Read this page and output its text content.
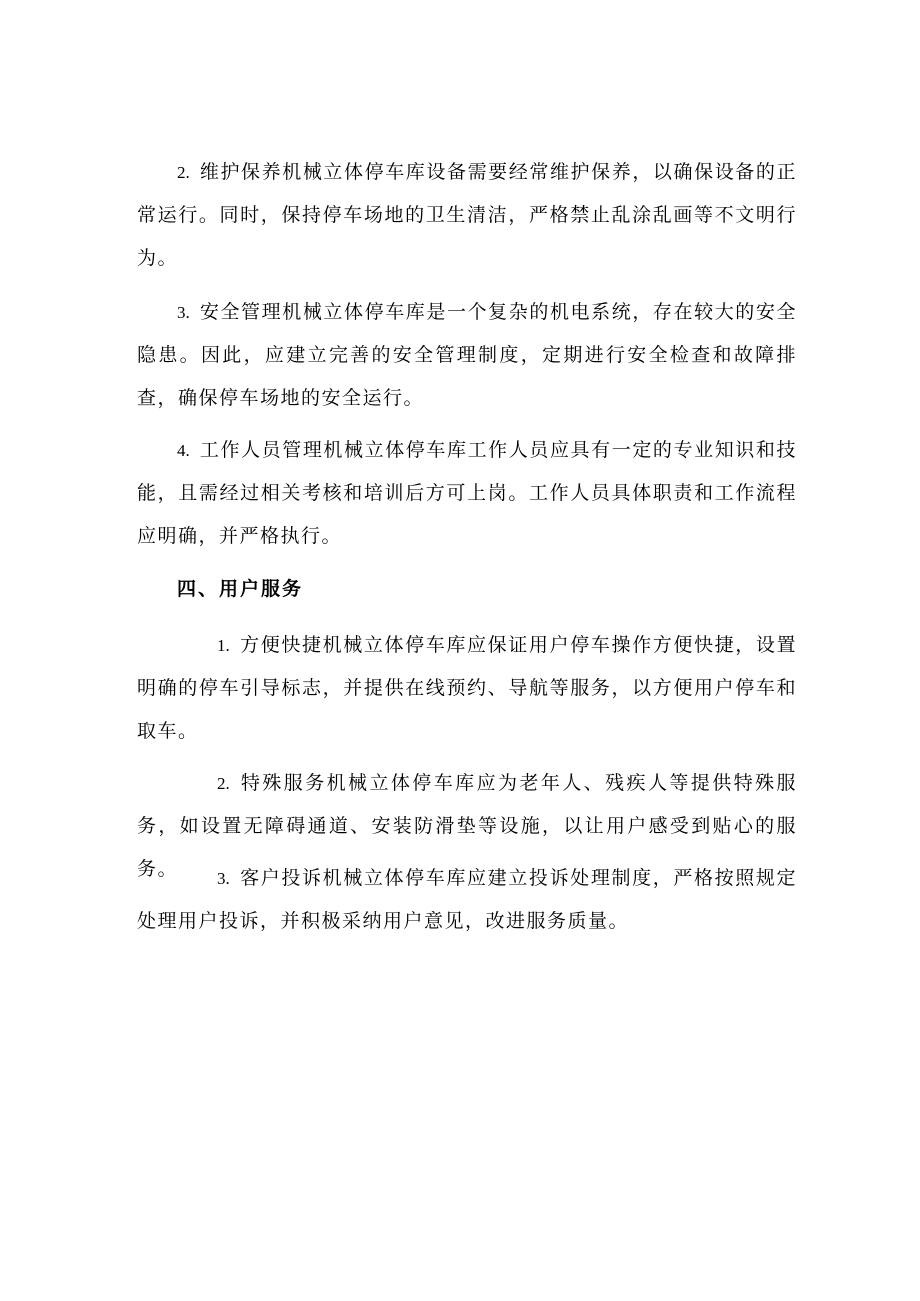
2. 维护保养机械立体停车库设备需要经常维护保养，以确保设备的正常运行。同时，保持停车场地的卫生清洁，严格禁止乱涂乱画等不文明行为。

3. 安全管理机械立体停车库是一个复杂的机电系统，存在较大的安全隐患。因此，应建立完善的安全管理制度，定期进行安全检查和故障排查，确保停车场地的安全运行。

4. 工作人员管理机械立体停车库工作人员应具有一定的专业知识和技能，且需经过相关考核和培训后方可上岗。工作人员具体职责和工作流程应明确，并严格执行。

四、用户服务

1. 方便快捷机械立体停车库应保证用户停车操作方便快捷，设置明确的停车引导标志，并提供在线预约、导航等服务，以方便用户停车和取车。

2. 特殊服务机械立体停车库应为老年人、残疾人等提供特殊服务，如设置无障碍通道、安装防滑垫等设施，以让用户感受到贴心的服务。	3. 客户投诉机械立体停车库应建立投诉处理制度，严格按照规定处理用户投诉，并积极采纳用户意见，改进服务质量。
